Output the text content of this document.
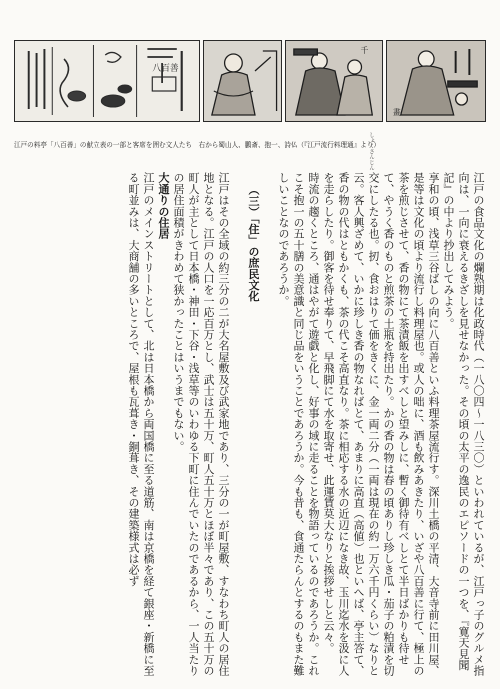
八百善
千
畫
江戸の料亭「八百善」の献立表の一部と客席を囲む文人たち　右から蜀山人、鵬斎、抱一、詩仏（『江戸流行料理通』より）
しょくさんじん

江戸の食品文化の爛熟期は化政時代（一八〇四〜一八三〇）といわれているが、江戸っ子のグルメ指向は、一向に衰えるきざしを見せなかった。その頃の太平の逸民のエピソードの一つを、『寛天見聞記』の中より抄出してみよう。

享和の頃、浅草三谷ばしの向に八百善といふ料理茶屋流行す。深川土橋の平清、大音寺前に田川屋、是等は文化の頃より流行し料理屋也。或人の咄に、酒も飲みあきたり、いざや八百善に行て、極上の茶を煎じさせて、香の物にて茶漬飯を出すべしと望みしに、暫く御待有べしとて半日ばかりも待せて、やうく香のものと煎茶の土瓶を持出たり。かの香の物は春の頃ありし珍しき瓜・茄子の粕漬を切交にしたる也。扨、食おはりて価をきくに、金一両二分（一両は現在の約一万六千円くらい）なりと云。客人興ざめて、いかに珍しき香の物なればとて、あまりに高直（高値）也といへば、亭主答て、香の物の代はともかくも、茶の代こそ高直なり。茶に相応する水の近辺になき故、玉川迄水を汲に人を走らしたり。御客を待せ奉りて、早飛脚にて水を取寄せ、此運賃莫大なりと挨拶せしと云々。

時流の趨くところ、通はやがて遊戯と化し、好事の域に走ることを物語っているのであろうか。これこそ抱一の五十膳の美意識と同じ品をいうことであろうか。今も昔も、食通たらんとするのもまた難しいことなのであろうか。

（三）「住」の庶民文化

江戸はその全域の約三分の二が大名屋敷及び武家地であり、三分の一が町屋敷、すなわち町人の居住地となる。江戸の人口を一応百万とし、武士は五十万、町人五十万とほぼ半々であり、この五十万の町人が主として日本橋・神田・下谷・浅草等のいわゆる下町に住んでいたのであるから、一人当たりの居住面積がきわめて狭かったことはいうまでもない。

大通りの住居

江戸のメインストリートとして、北は日本橋から両国橋に至る道筋、南は京橋を経て銀座・新橋に至る町並みは、大商舗の多いところで、屋根も瓦葺き・銅葺き、その建築様式は必ず
